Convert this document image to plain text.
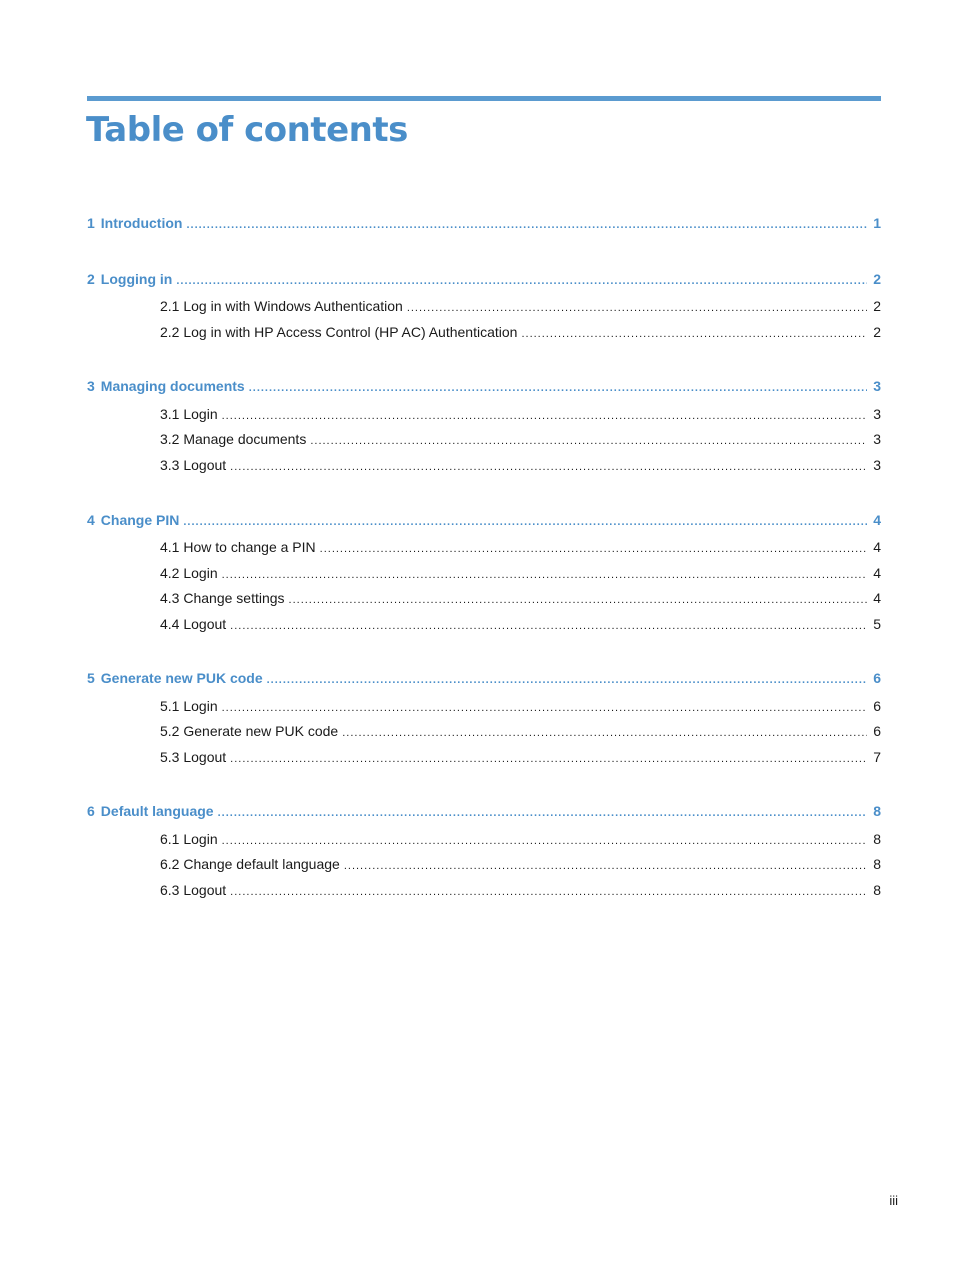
Table of contents
1 Introduction .....	1
2 Logging in .....	2
2.1 Log in with Windows Authentication .....	2
2.2 Log in with HP Access Control (HP AC) Authentication .....	2
3 Managing documents .....	3
3.1 Login .....	3
3.2 Manage documents .....	3
3.3 Logout .....	3
4 Change PIN .....	4
4.1 How to change a PIN .....	4
4.2 Login .....	4
4.3 Change settings .....	4
4.4 Logout .....	5
5 Generate new PUK code .....	6
5.1 Login .....	6
5.2 Generate new PUK code .....	6
5.3 Logout .....	7
6 Default language .....	8
6.1 Login .....	8
6.2 Change default language .....	8
6.3 Logout .....	8
iii
